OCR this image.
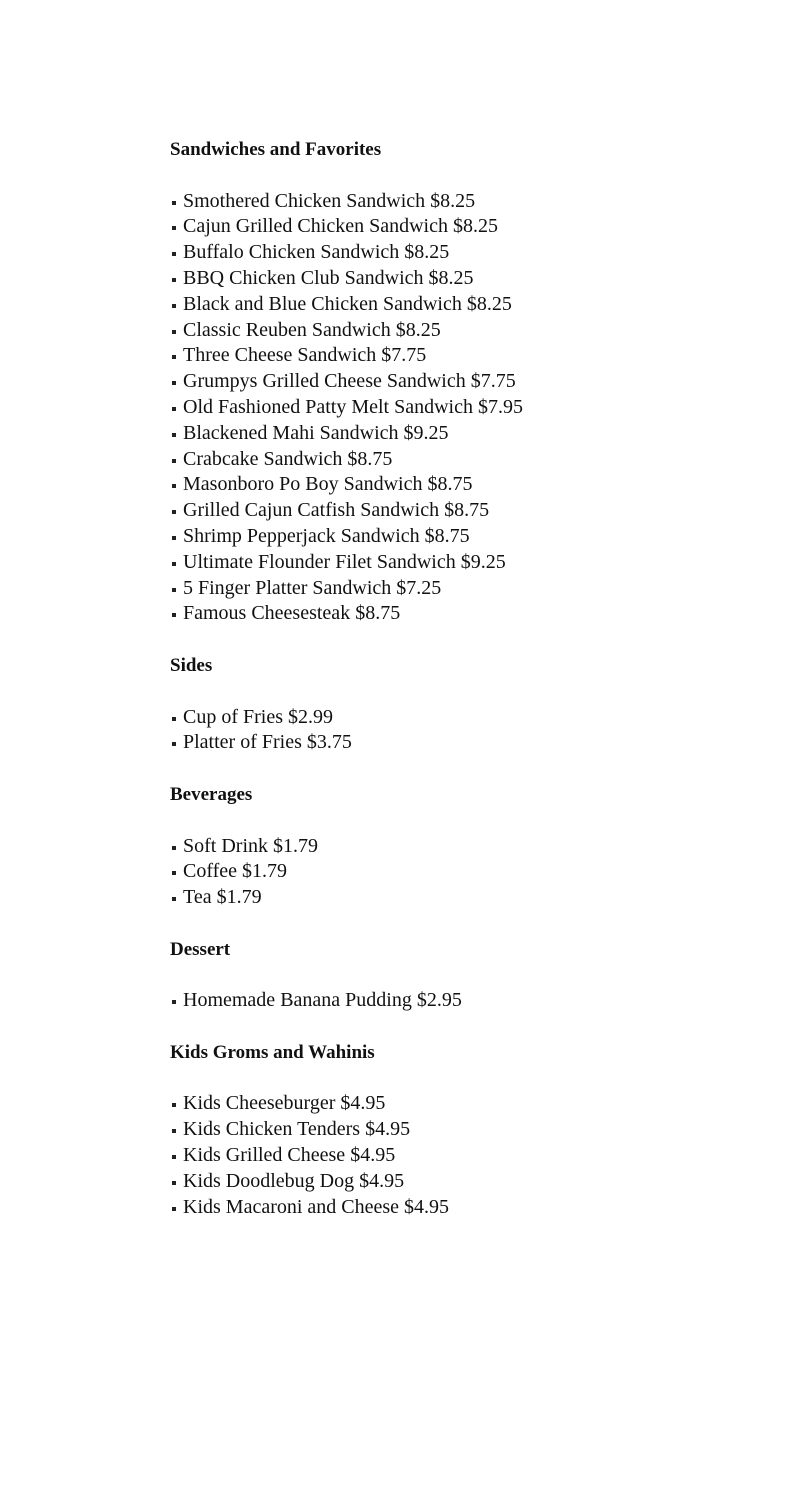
Sandwiches and Favorites
Smothered Chicken Sandwich $8.25
Cajun Grilled Chicken Sandwich $8.25
Buffalo Chicken Sandwich $8.25
BBQ Chicken Club Sandwich $8.25
Black and Blue Chicken Sandwich $8.25
Classic Reuben Sandwich $8.25
Three Cheese Sandwich $7.75
Grumpys Grilled Cheese Sandwich $7.75
Old Fashioned Patty Melt Sandwich $7.95
Blackened Mahi Sandwich $9.25
Crabcake Sandwich $8.75
Masonboro Po Boy Sandwich $8.75
Grilled Cajun Catfish Sandwich $8.75
Shrimp Pepperjack Sandwich $8.75
Ultimate Flounder Filet Sandwich $9.25
5 Finger Platter Sandwich $7.25
Famous Cheesesteak $8.75
Sides
Cup of Fries $2.99
Platter of Fries $3.75
Beverages
Soft Drink $1.79
Coffee $1.79
Tea $1.79
Dessert
Homemade Banana Pudding $2.95
Kids Groms and Wahinis
Kids Cheeseburger $4.95
Kids Chicken Tenders $4.95
Kids Grilled Cheese $4.95
Kids Doodlebug Dog $4.95
Kids Macaroni and Cheese $4.95
